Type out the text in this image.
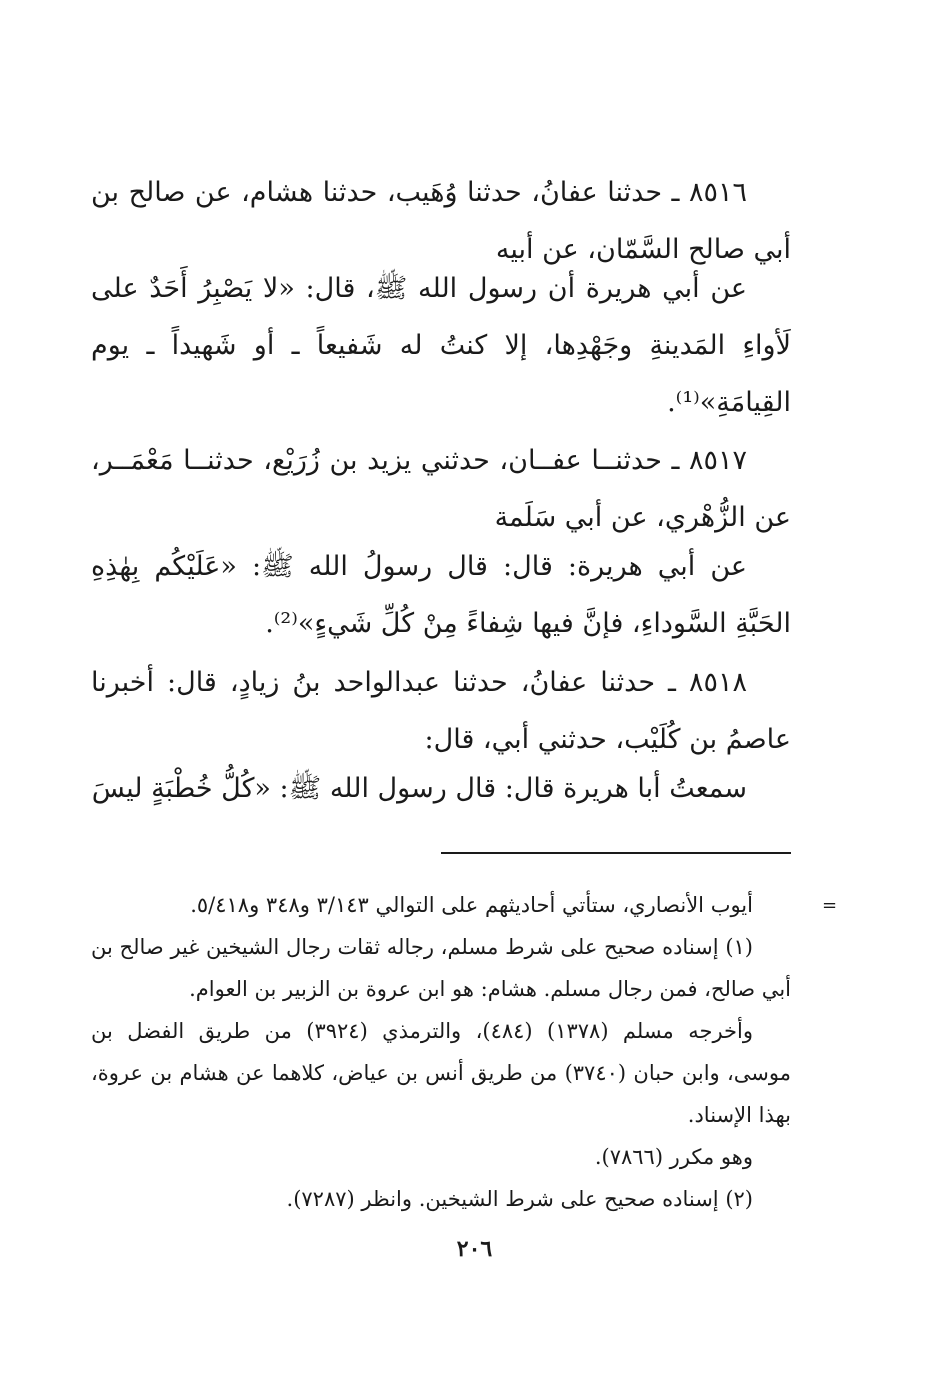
٨٥١٦ ـ حدثنا عفانُ، حدثنا وُهَيب، حدثنا هشام، عن صالح بن أبي صالح السَّمّان، عن أبيه

عن أبي هريرة أن رسول الله ﷺ، قال: «لا يَصْبِرُ أَحَدٌ على لَأواءِ المَدينةِ وجَهْدِها، إلا كنتُ له شَفيعاً ـ أو شَهيداً ـ يوم القِيامَةِ»⁽¹⁾.

٨٥١٧ ـ حدثنــا عفــان، حدثني يزيد بن زُرَيْع، حدثنــا مَعْمَــر، عن الزُّهْري، عن أبي سَلَمة

عن أبي هريرة: قال: قال رسولُ الله ﷺ: «عَلَيْكُم بِهٰذِهِ الحَبَّةِ السَّوداءِ، فإنَّ فيها شِفاءً مِنْ كُلِّ شَيءٍ»⁽²⁾.

٨٥١٨ ـ حدثنا عفانُ، حدثنا عبدالواحد بنُ زيادٍ، قال: أخبرنا عاصمُ بن كُلَيْب، حدثني أبي، قال:

سمعتُ أبا هريرة قال: قال رسول الله ﷺ: «كُلُّ خُطْبَةٍ ليسَ

=

أيوب الأنصاري، ستأتي أحاديثهم على التوالي ٣/١٤٣ و٣٤٨ و٥/٤١٨.

(١) إسناده صحيح على شرط مسلم، رجاله ثقات رجال الشيخين غير صالح بن أبي صالح، فمن رجال مسلم. هشام: هو ابن عروة بن الزبير بن العوام.

وأخرجه مسلم (١٣٧٨) (٤٨٤)، والترمذي (٣٩٢٤) من طريق الفضل بن موسى، وابن حبان (٣٧٤٠) من طريق أنس بن عياض، كلاهما عن هشام بن عروة، بهذا الإسناد.

وهو مكرر (٧٨٦٦).

(٢) إسناده صحيح على شرط الشيخين. وانظر (٧٢٨٧).

٢٠٦
